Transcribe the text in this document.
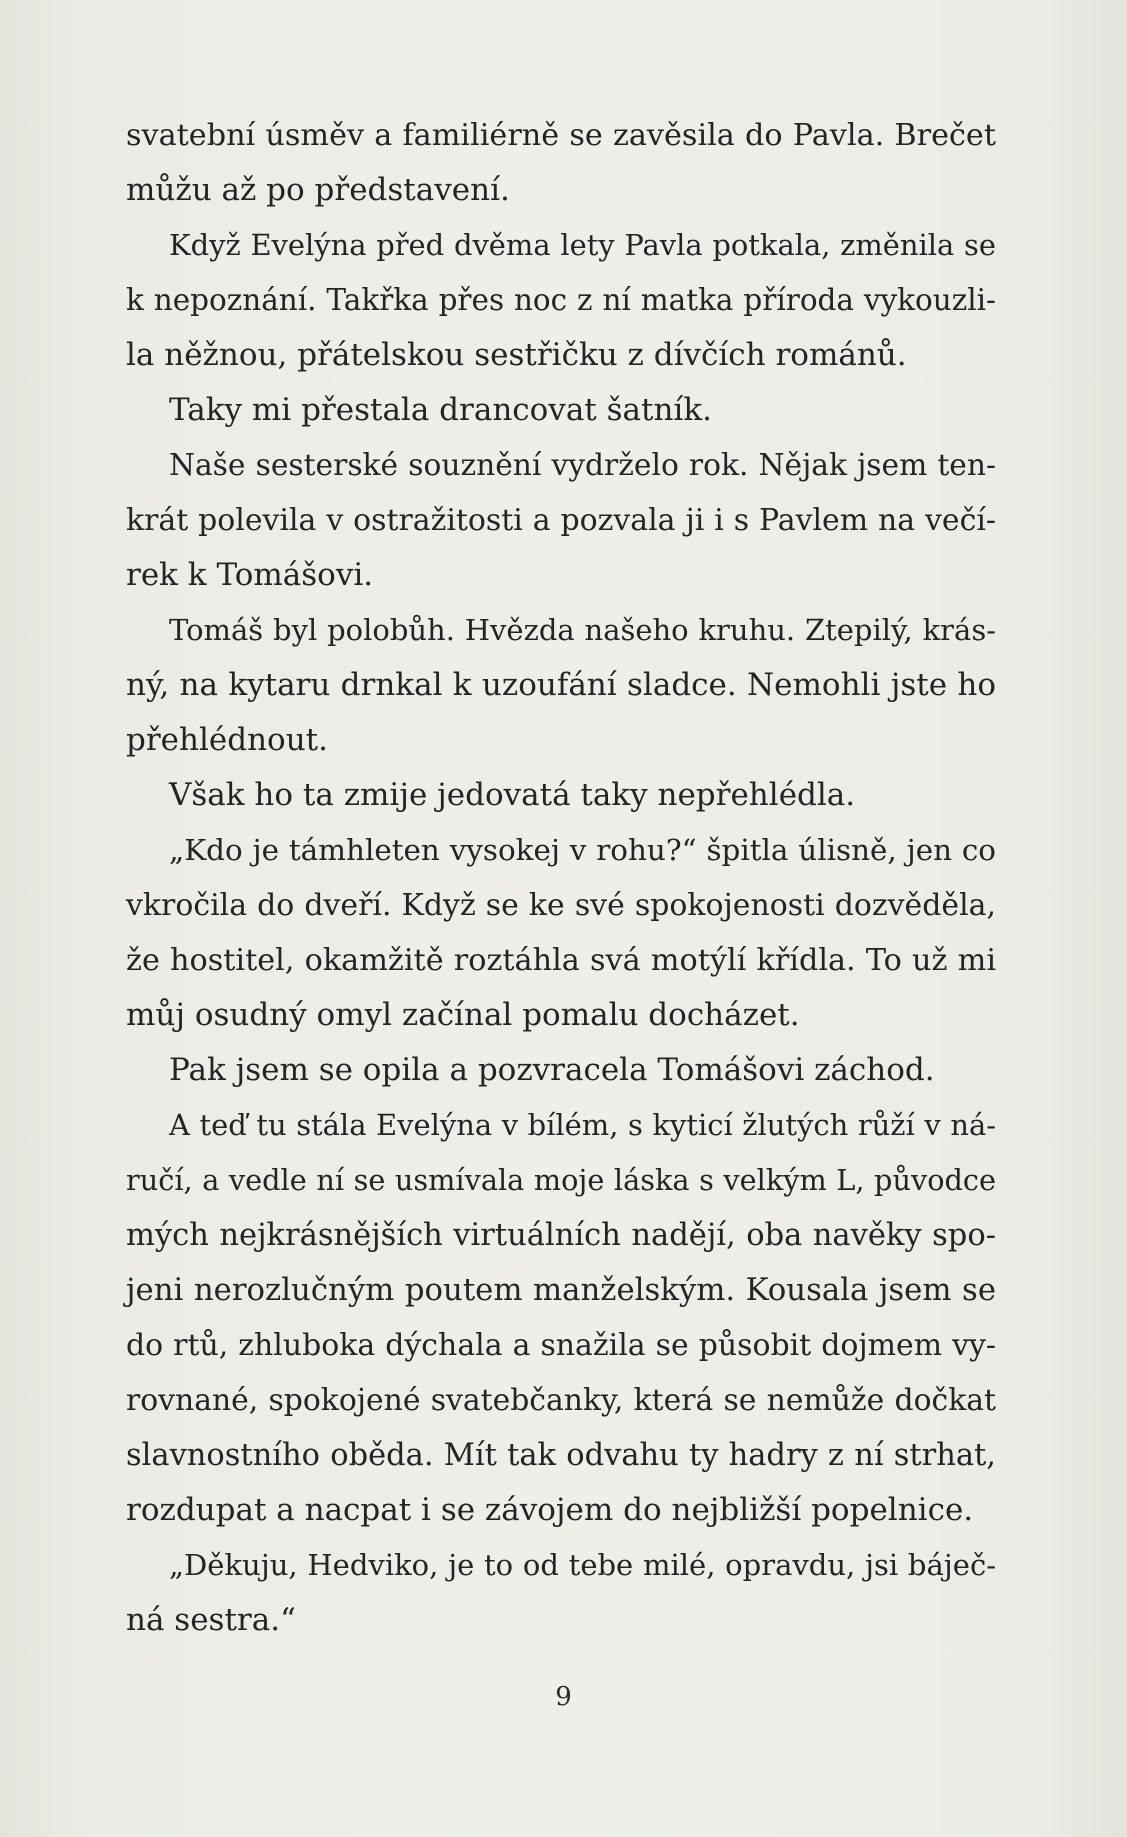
svatební úsměv a familiérně se zavěsila do Pavla. Brečet
můžu až po představení.
Když Evelýna před dvěma lety Pavla potkala, změnila se
k nepoznání. Takřka přes noc z ní matka příroda vykouzli-
la něžnou, přátelskou sestřičku z dívčích románů.
Taky mi přestala drancovat šatník.
Naše sesterské souznění vydrželo rok. Nějak jsem ten-
krát polevila v ostražitosti a pozvala ji i s Pavlem na večí-
rek k Tomášovi.
Tomáš byl polobůh. Hvězda našeho kruhu. Ztepilý, krás-
ný, na kytaru drnkal k uzoufání sladce. Nemohli jste ho
přehlédnout.
Však ho ta zmije jedovatá taky nepřehlédla.
„Kdo je támhleten vysokej v rohu?“ špitla úlisně, jen co
vkročila do dveří. Když se ke své spokojenosti dozvěděla,
že hostitel, okamžitě roztáhla svá motýlí křídla. To už mi
můj osudný omyl začínal pomalu docházet.
Pak jsem se opila a pozvracela Tomášovi záchod.
A teď tu stála Evelýna v bílém, s kyticí žlutých růží v ná-
ručí, a vedle ní se usmívala moje láska s velkým L, původce
mých nejkrásnějších virtuálních nadějí, oba navěky spo-
jeni nerozlučným poutem manželským. Kousala jsem se
do rtů, zhluboka dýchala a snažila se působit dojmem vy-
rovnané, spokojené svatebčanky, která se nemůže dočkat
slavnostního oběda. Mít tak odvahu ty hadry z ní strhat,
rozdupat a nacpat i se závojem do nejbližší popelnice.
„Děkuju, Hedviko, je to od tebe milé, opravdu, jsi báječ-
ná sestra.“
9
